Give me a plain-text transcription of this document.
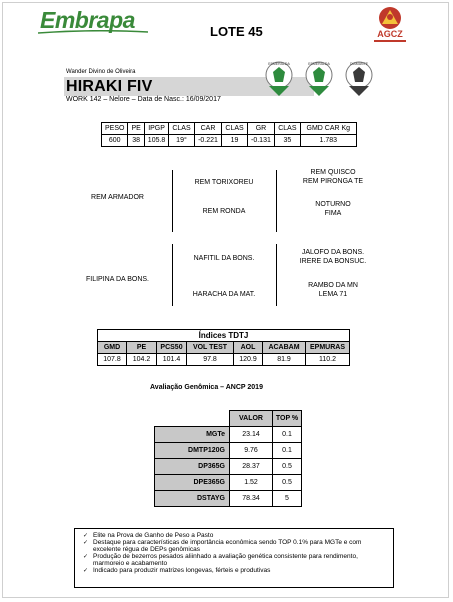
Embrapa	LOTE 45	AGCZ
Wander Divino de Oliveira
HIRAKI FIV
WORK 142 – Nelore – Data de Nasc.: 16/09/2017
ESMERALDA	ESMERALDA	DIAMANTE
PESO	PE	IPGP	CLAS	CAR	CLAS	GR	CLAS	GMD CAR Kg
600	38	105.8	19°	-0.221	19	-0.131	35	1.783
REM ARMADOR
REM TORIXOREU
REM RONDA
REM QUISCO
REM PIRONGA TE
NOTURNO
FIMA
FILIPINA DA BONS.
NAFITIL DA BONS.
HARACHA DA MAT.
JALOFO DA BONS.
IRERE DA BONSUC.
RAMBO DA MN
LEMA 71
Índices TDTJ						
GMD	PE	PCS50	VOL TEST	AOL	ACABAM	EPMURAS
107.8	104.2	101.4	97.8	120.9	81.9	110.2
Avaliação Genômica – ANCP 2019
	VALOR	TOP %
MGTe	23.14	0.1
DMTP120G	9.76	0.1
DP365G	28.37	0.5
DPE365G	1.52	0.5
DSTAYG	78.34	5
✓ Elite na Prova de Ganho de Peso a Pasto
✓ Destaque para características de importância econômica sendo TOP 0.1% para MGTe e com excelente régua de DEPs genômicas
✓ Produção de bezerros pesados aliinhado a avaliação genética consistente para rendimento, marmoreio e acabamento
✓ Indicado para produzir matrizes longevas, férteis e produtivas
